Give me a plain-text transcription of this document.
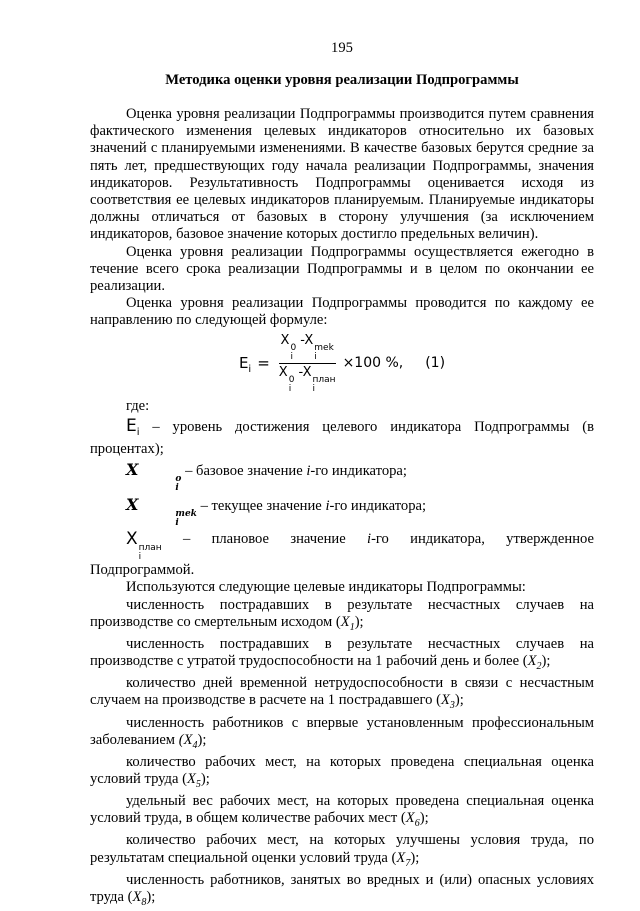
195
Методика оценки уровня реализации Подпрограммы

Оценка уровня реализации Подпрограммы производится путем сравнения фактического изменения целевых индикаторов относительно их базовых значений с планируемыми изменениями. В качестве базовых берутся средние за пять лет, предшествующих году начала реализации Подпрограммы, значения индикаторов. Результативность Подпрограммы оценивается исходя из соответствия ее целевых индикаторов планируемым. Планируемые индикаторы должны отличаться от базовых в сторону улучшения (за исключением индикаторов, базовое значение которых достигло предельных величин).

Оценка уровня реализации Подпрограммы осуществляется ежегодно в течение всего срока реализации Подпрограммы и в целом по окончании ее реализации.

Оценка уровня реализации Подпрограммы проводится по каждому ее направлению по следующей формуле:

$E_i = X$ 0
i
-X mek
i
X 0
i
-X план
i ×100 %, (1)

где:

$E_i$ – уровень достижения целевого индикатора Подпрограммы (в процентах);

X	o
i
– базовое значение i-го индикатора;

X	mek
i
– текущее значение i-го индикатора;

X план
i
– плановое значение i-го индикатора, утвержденное

Подпрограммой.

Используются следующие целевые индикаторы Подпрограммы:

численность пострадавших в результате несчастных случаев на производстве со смертельным исходом $(X_1)$;

численность пострадавших в результате несчастных случаев на производстве с утратой трудоспособности на 1 рабочий день и более $(X_2)$;

количество дней временной нетрудоспособности в связи с несчастным случаем на производстве в расчете на 1 пострадавшего $(X_3)$;

численность работников с впервые установленным профессиональным заболеванием $(X_4)$;

количество рабочих мест, на которых проведена специальная оценка условий труда $(X_5)$;

удельный вес рабочих мест, на которых проведена специальная оценка условий труда, в общем количестве рабочих мест $(X_6)$;

количество рабочих мест, на которых улучшены условия труда, по результатам специальной оценки условий труда $(X_7)$;

численность работников, занятых во вредных и (или) опасных условиях труда $(X_8)$;
